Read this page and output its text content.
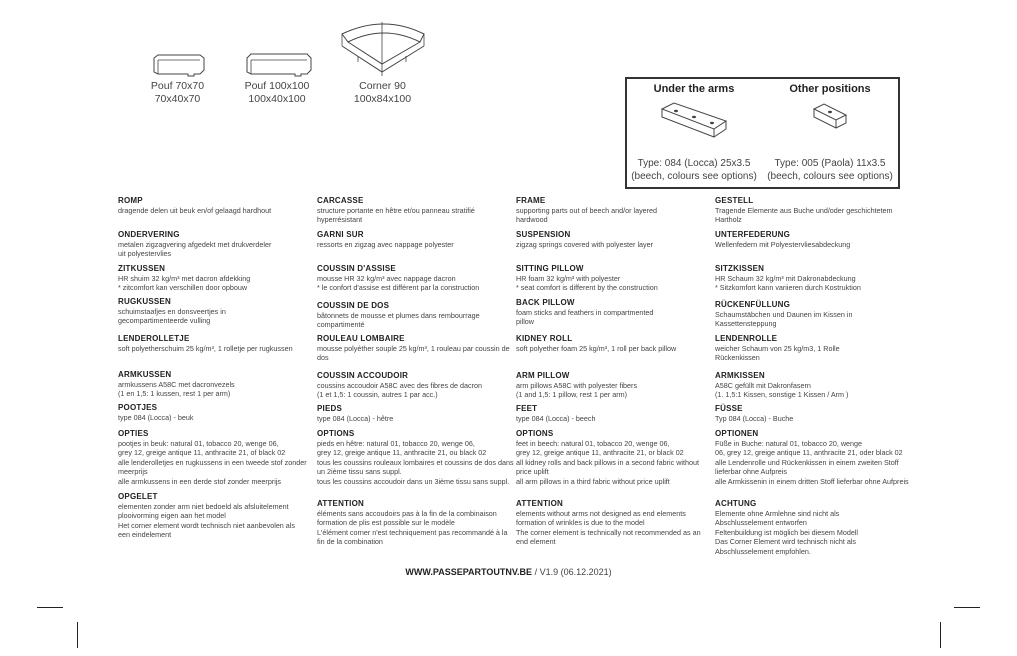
Pouf 70x70
70x40x70
Pouf 100x100
100x40x100
Corner 90
100x84x100
Under the arms
Type: 084 (Locca) 25x3.5
(beech, colours see options)
Other positions
Type: 005 (Paola) 11x3.5
(beech, colours see options)
ROMP
dragende delen uit beuk en/of gelaagd hardhout
ONDERVERING
metalen zigzagvering afgedekt met drukverdeler
uit polyestervlies
ZITKUSSEN
HR shuim 32 kg/m³ met dacron afdekking
* zitcomfort kan verschillen door opbouw
RUGKUSSEN
schuimstaafjes en donsveertjes in
gecompartimenteerde vulling
LENDEROLLETJE
soft polyetherschuim 25 kg/m³, 1 rolletje per rugkussen
ARMKUSSEN
armkussens A58C met dacronvezels
(1 en 1,5: 1 kussen, rest 1 per arm)
POOTJES
type 084 (Locca) - beuk
OPTIES
pootjes in beuk: natural 01, tobacco 20, wenge 06,
grey 12, greige antique 11, anthracite 21, of black 02
alle lenderolletjes en rugkussens in een tweede stof zonder
meerprijs
alle armkussens in een derde stof zonder meerprijs
OPGELET
elementen zonder arm niet bedoeld als afsluitelement
plooivorming eigen aan het model
Het corner element wordt technisch niet aanbevolen als
een eindelement
CARCASSE
structure portante en hêtre et/ou panneau stratifié
hyperrésistant
GARNI SUR
ressorts en zigzag avec nappage polyester
COUSSIN D'ASSISE
mousse HR 32 kg/m³ avec nappage dacron
* le confort d'assise est différent par la construction
COUSSIN DE DOS
bâtonnets de mousse et plumes dans rembourrage
compartimenté
ROULEAU LOMBAIRE
mousse polyéther souple 25 kg/m³, 1 rouleau par coussin de
dos
COUSSIN ACCOUDOIR
coussins accoudoir A58C avec des fibres de dacron
(1 et 1,5: 1 coussin, autres 1 par acc.)
PIEDS
type 084 (Locca) - hêtre
OPTIONS
pieds en hêtre: natural 01, tobacco 20, wenge 06,
grey 12, greige antique 11, anthracite 21, ou black 02
tous les coussins rouleaux lombaires et coussins de dos dans
un 2ième tissu sans suppl.
tous les coussins accoudoir dans un 3ième tissu sans suppl.
ATTENTION
éléments sans accoudoirs pas à la fin de la combinaison
formation de plis est possible sur le modèle
L'élément corner n'est techniquement pas recommandé à la
fin de la combination
FRAME
supporting parts out of beech and/or layered
hardwood
SUSPENSION
zigzag springs covered with polyester layer
SITTING PILLOW
HR foam 32 kg/m³ with polyester
* seat comfort is different by the construction
BACK PILLOW
foam sticks and feathers in compartmented
pillow
KIDNEY ROLL
soft polyether foam 25 kg/m³, 1 roll per back pillow
ARM PILLOW
arm pillows A58C with polyester fibers
(1 and 1,5: 1 pillow, rest 1 per arm)
FEET
type 084 (Locca) - beech
OPTIONS
feet in beech: natural 01, tobacco 20, wenge 06,
grey 12, greige antique 11, anthracite 21, or black 02
all kidney rolls and back pillows in a second fabric without
price uplift
all arm pillows in a third fabric without price uplift
ATTENTION
elements without arms not designed as end elements
formation of wrinkles is due to the model
The corner element is technically not recommended as an
end element
GESTELL
Tragende Elemente aus Buche und/oder geschichtetem
Hartholz
UNTERFEDERUNG
Wellenfedern mit Polyestervliesabdeckung
SITZKISSEN
HR Schaum 32 kg/m³ mit Dakronabdeckung
* Sitzkomfort kann variieren durch Kostruktion
RÜCKENFÜLLUNG
Schaumstäbchen und Daunen im Kissen in
Kassettensteppung
LENDENROLLE
weicher Schaum von 25 kg/m3, 1 Rolle
Rückenkissen
ARMKISSEN
A58C gefüllt mit Dakronfasern
(1. 1,5:1 Kissen, sonstige 1 Kissen / Arm )
FÜSSE
Typ 084 (Locca) - Buche
OPTIONEN
Füße in Buche: natural 01, tobacco 20, wenge
06, grey 12, greige antique 11, anthracite 21, oder black 02
alle Lendenrolle und Rückenkissen in einem zweiten Stoff
lieferbar ohne Aufpreis
alle Armkissenin in einem dritten Stoff lieferbar ohne Aufpreis
ACHTUNG
Elemente ohne Armlehne sind nicht als
Abschlusselement entworfen
Feltenbuildung ist möglich bei diesem Modell
Das Corner Element wird technisch nicht als
Abschlusselement empfohlen.
WWW.PASSEPARTOUTNV.BE / V1.9 (06.12.2021)
